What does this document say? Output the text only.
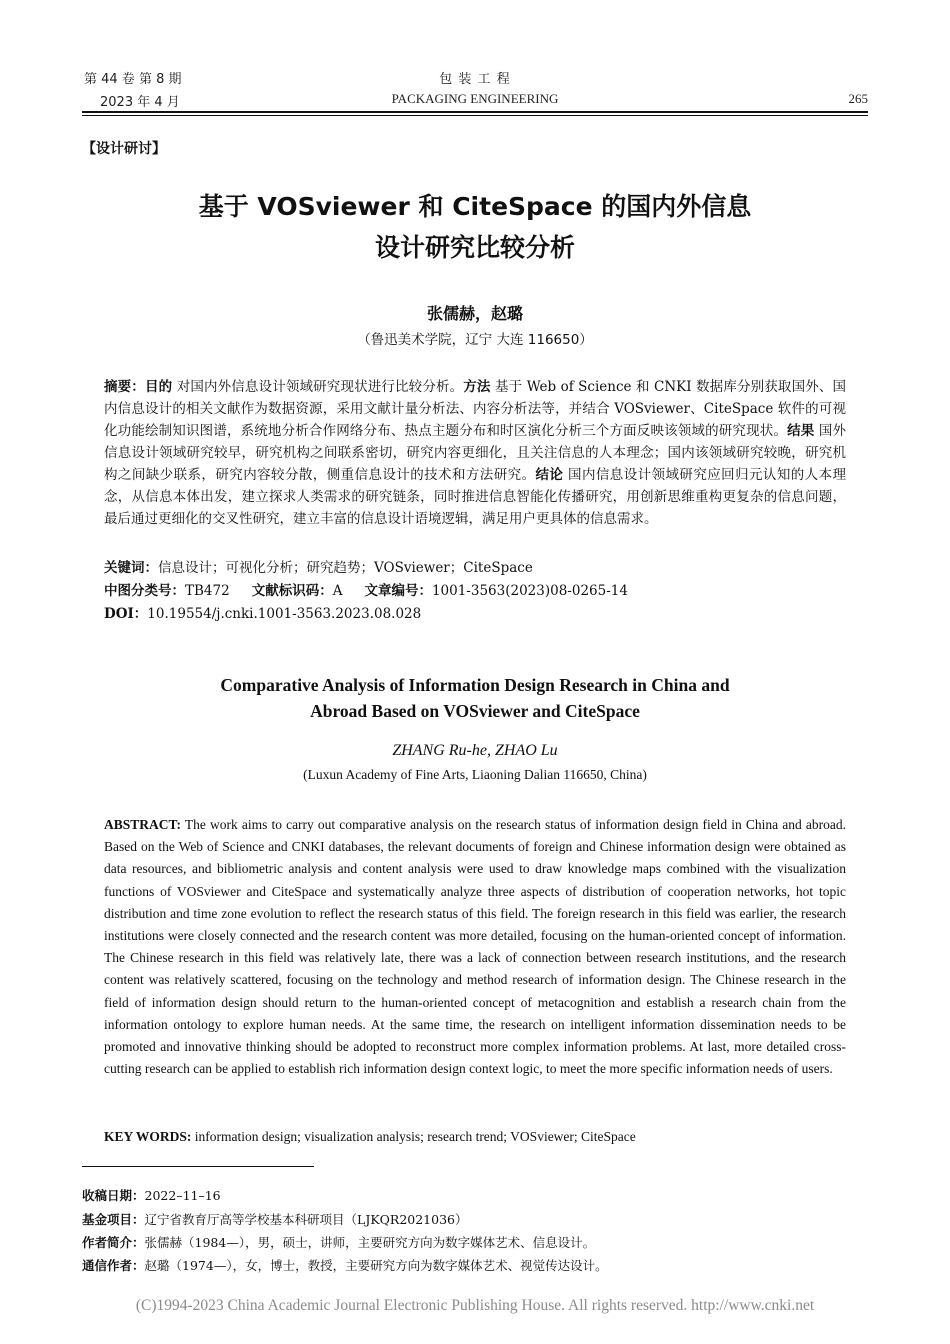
第 44 卷 第 8 期
2023 年 4 月
包 装 工 程
PACKAGING ENGINEERING	265
【设计研讨】
基于 VOSviewer 和 CiteSpace 的国内外信息
设计研究比较分析
张儒赫，赵璐
（鲁迅美术学院，辽宁 大连 116650）
摘要：目的 对国内外信息设计领域研究现状进行比较分析。方法 基于 Web of Science 和 CNKI 数据库分别获取国外、国内信息设计的相关文献作为数据资源，采用文献计量分析法、内容分析法等，并结合 VOSviewer、CiteSpace 软件的可视化功能绘制知识图谱，系统地分析合作网络分布、热点主题分布和时区演化分析三个方面反映该领域的研究现状。结果 国外信息设计领域研究较早，研究机构之间联系密切，研究内容更细化，且关注信息的人本理念；国内该领域研究较晚，研究机构之间缺少联系，研究内容较分散，侧重信息设计的技术和方法研究。结论 国内信息设计领域研究应回归元认知的人本理念，从信息本体出发，建立探求人类需求的研究链条，同时推进信息智能化传播研究，用创新思维重构更复杂的信息问题，最后通过更细化的交叉性研究，建立丰富的信息设计语境逻辑，满足用户更具体的信息需求。
关键词：信息设计；可视化分析；研究趋势；VOSviewer；CiteSpace
中图分类号：TB472 文献标识码：A 文章编号：1001-3563(2023)08-0265-14
DOI：10.19554/j.cnki.1001-3563.2023.08.028
Comparative Analysis of Information Design Research in China and
Abroad Based on VOSviewer and CiteSpace
ZHANG Ru-he, ZHAO Lu
(Luxun Academy of Fine Arts, Liaoning Dalian 116650, China)
ABSTRACT: The work aims to carry out comparative analysis on the research status of information design field in China and abroad. Based on the Web of Science and CNKI databases, the relevant documents of foreign and Chinese information design were obtained as data resources, and bibliometric analysis and content analysis were used to draw knowledge maps combined with the visualization functions of VOSviewer and CiteSpace and systematically analyze three aspects of distribution of cooperation networks, hot topic distribution and time zone evolution to reflect the research status of this field. The foreign research in this field was earlier, the research institutions were closely connected and the research content was more detailed, focusing on the human-oriented concept of information. The Chinese research in this field was relatively late, there was a lack of connection between research institutions, and the research content was relatively scattered, focusing on the technology and method research of information design. The Chinese research in the field of information design should return to the human-oriented concept of metacognition and establish a research chain from the information ontology to explore human needs. At the same time, the research on intelligent information dissemination needs to be promoted and innovative thinking should be adopted to reconstruct more complex information problems. At last, more detailed cross-cutting research can be applied to establish rich information design context logic, to meet the more specific information needs of users.
KEY WORDS: information design; visualization analysis; research trend; VOSviewer; CiteSpace
收稿日期：2022–11–16
基金项目：辽宁省教育厅高等学校基本科研项目（LJKQR2021036）
作者简介：张儒赫（1984—），男，硕士，讲师，主要研究方向为数字媒体艺术、信息设计。
通信作者：赵璐（1974—），女，博士，教授，主要研究方向为数字媒体艺术、视觉传达设计。
(C)1994-2023 China Academic Journal Electronic Publishing House. All rights reserved. http://www.cnki.net
